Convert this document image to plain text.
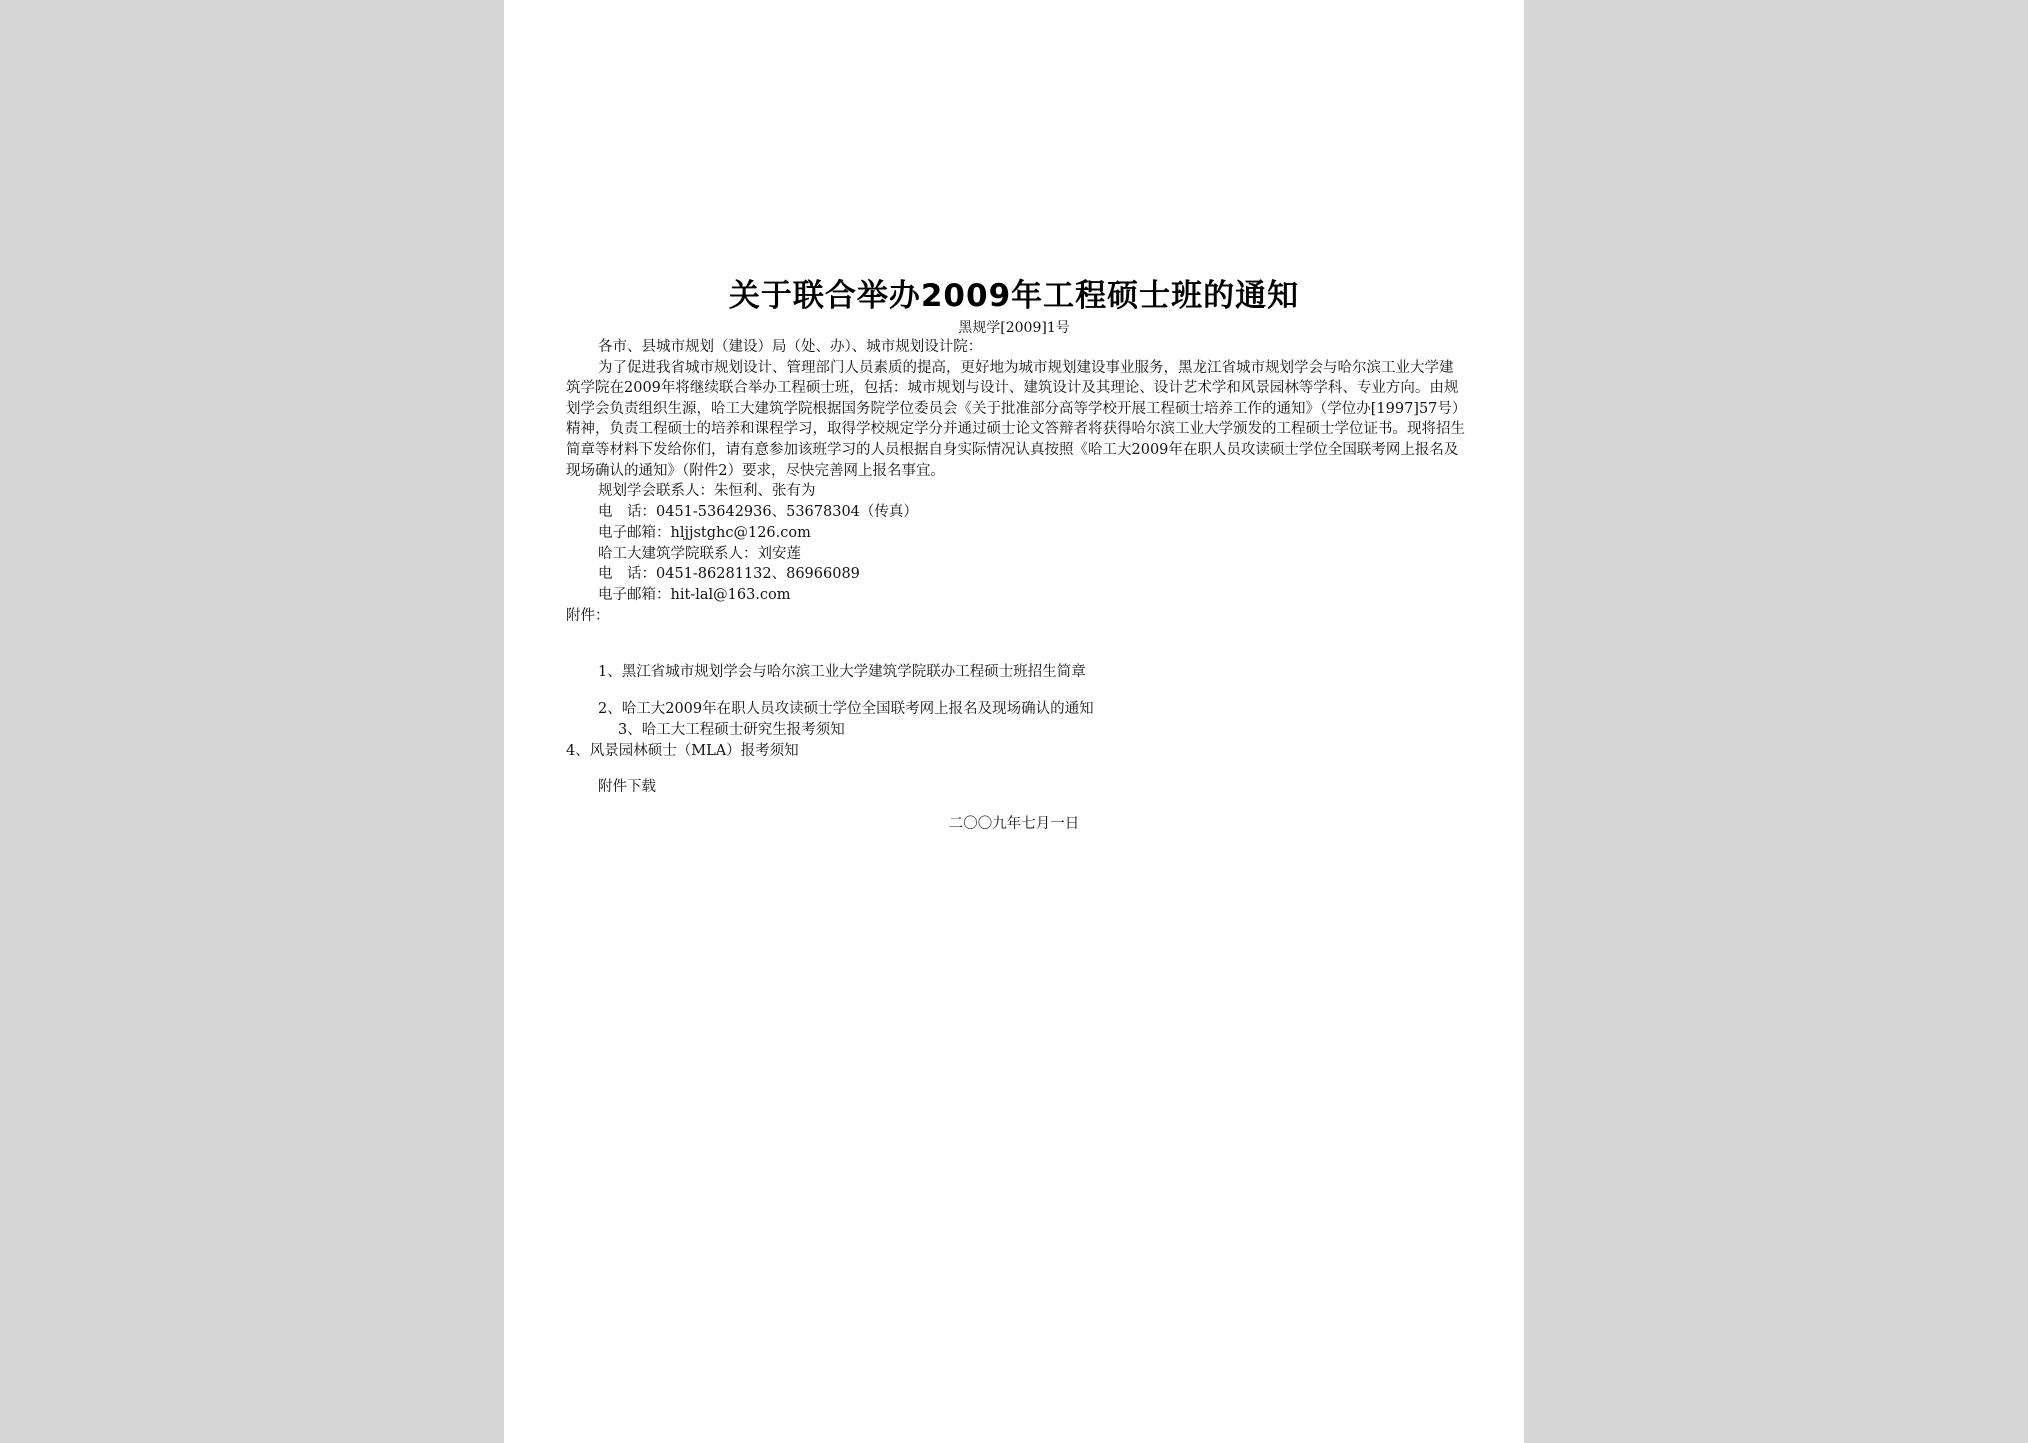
关于联合举办2009年工程硕士班的通知
黑规学[2009]1号

各市、县城市规划（建设）局（处、办）、城市规划设计院：

为了促进我省城市规划设计、管理部门人员素质的提高，更好地为城市规划建设事业服务，黑龙江省城市规划学会与哈尔滨工业大学建筑学院在2009年将继续联合举办工程硕士班，包括：城市规划与设计、建筑设计及其理论、设计艺术学和风景园林等学科、专业方向。由规划学会负责组织生源，哈工大建筑学院根据国务院学位委员会《关于批准部分高等学校开展工程硕士培养工作的通知》（学位办[1997]57号）精神，负责工程硕士的培养和课程学习，取得学校规定学分并通过硕士论文答辩者将获得哈尔滨工业大学颁发的工程硕士学位证书。现将招生简章等材料下发给你们，请有意参加该班学习的人员根据自身实际情况认真按照《哈工大2009年在职人员攻读硕士学位全国联考网上报名及现场确认的通知》（附件2）要求，尽快完善网上报名事宜。

规划学会联系人：朱恒利、张有为

电　话：0451-53642936、53678304（传真）

电子邮箱：hljjstghc@126.com

哈工大建筑学院联系人：刘安莲

电　话：0451-86281132、86966089

电子邮箱：hit-lal@163.com

附件：

1、黑江省城市规划学会与哈尔滨工业大学建筑学院联办工程硕士班招生简章
2、哈工大2009年在职人员攻读硕士学位全国联考网上报名及现场确认的通知
3、哈工大工程硕士研究生报考须知
4、风景园林硕士（MLA）报考须知
附件下载
二〇〇九年七月一日
